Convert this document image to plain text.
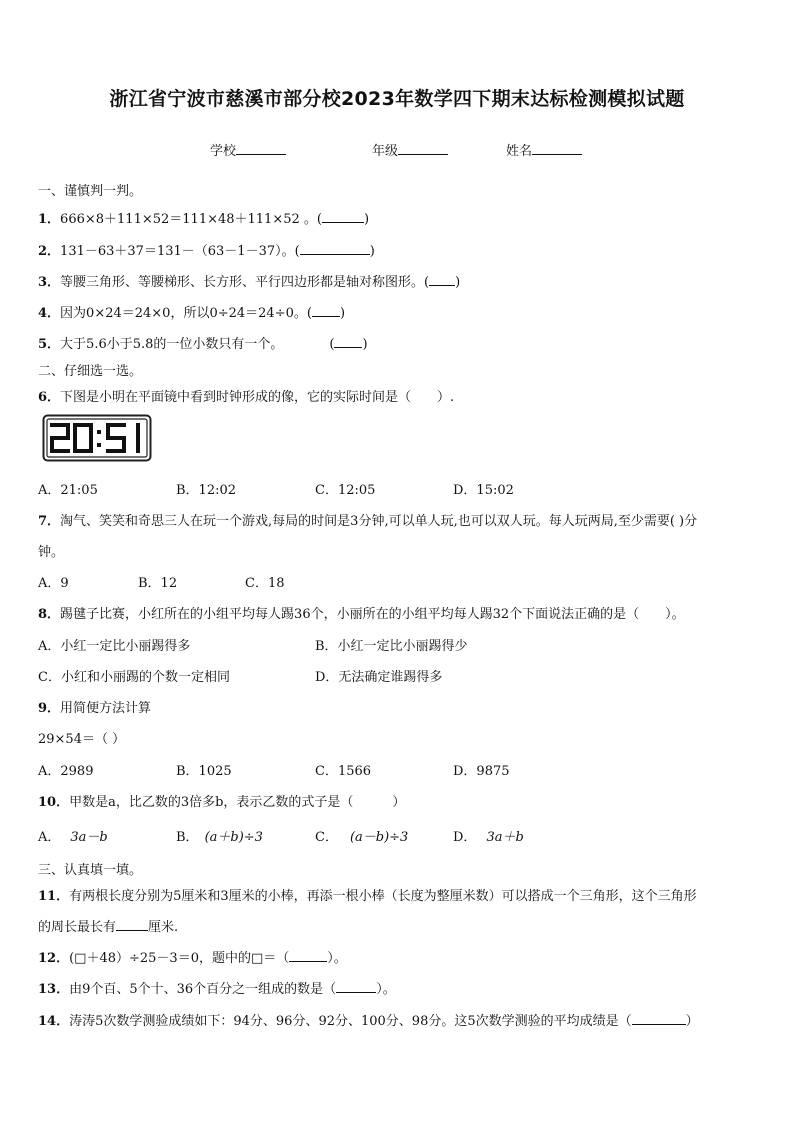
浙江省宁波市慈溪市部分校2023年数学四下期末达标检测模拟试题
学校	年级	姓名
一、谨慎判一判。
1．666×8＋111×52＝111×48＋111×52 。(	)
2．131－63＋37＝131－（63－1－37）。(	)
3．等腰三角形、等腰梯形、长方形、平行四边形都是轴对称图形。( )
4．因为0×24＝24×0，所以0÷24＝24÷0。( )
5．大于5.6小于5.8的一位小数只有一个。	( )
二、仔细选一选。
6．下图是小明在平面镜中看到时钟形成的像，它的实际时间是（　　）.
A．21:05	B．12:02	C．12:05	D．15:02
7．淘气、笑笑和奇思三人在玩一个游戏,每局的时间是3分钟,可以单人玩,也可以双人玩。每人玩两局,至少需要( )分
钟。
A．9	B．12	C．18
8．踢毽子比赛，小红所在的小组平均每人踢36个，小丽所在的小组平均每人踢32个下面说法正确的是（　　）。
A．小红一定比小丽踢得多	B．小红一定比小丽踢得少
C．小红和小丽踢的个数一定相同	D．无法确定谁踢得多
9．用简便方法计算
29×54＝（ ）
A．2989	B．1025	C．1566	D．9875
10．甲数是a，比乙数的3倍多b，表示乙数的式子是（　　　）
A． 3a－b	B． (a＋b)÷3	C． (a－b)÷3	D． 3a＋b
三、认真填一填。
11．有两根长度分别为5厘米和3厘米的小棒，再添一根小棒（长度为整厘米数）可以搭成一个三角形，这个三角形
的周长最长有 厘米.
12．(□＋48）÷25－3＝0，题中的□＝（	）。
13．由9个百、5个十、36个百分之一组成的数是（	）。
14．涛涛5次数学测验成绩如下：94分、96分、92分、100分、98分。这5次数学测验的平均成绩是（	）
